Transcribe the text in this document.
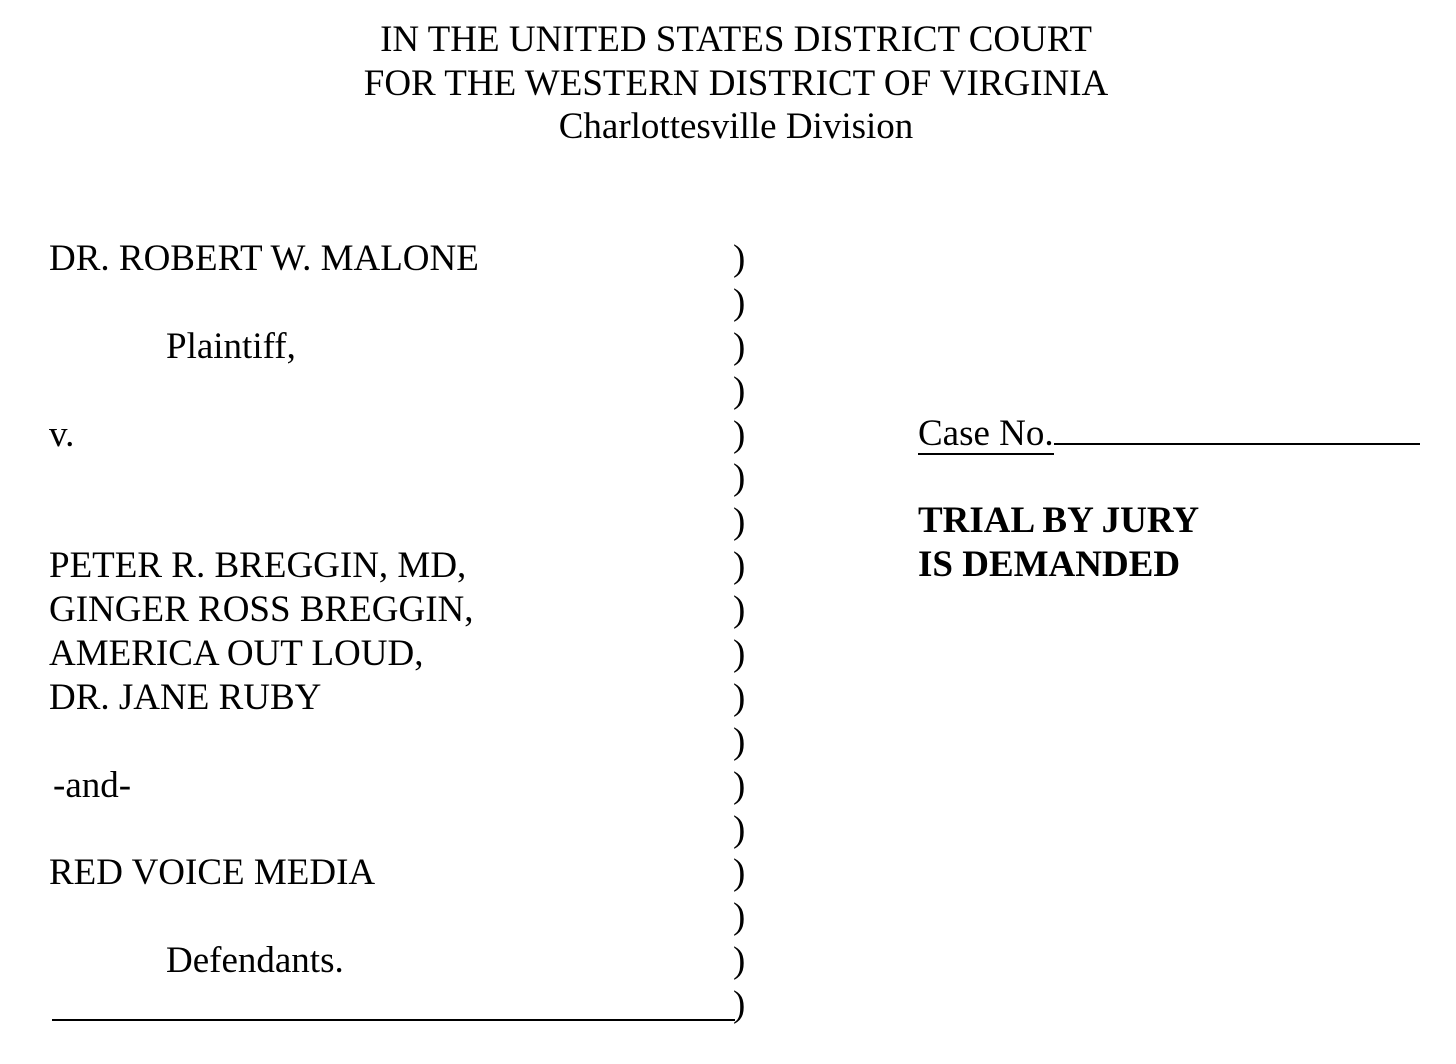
IN THE UNITED STATES DISTRICT COURT
FOR THE WESTERN DISTRICT OF VIRGINIA
Charlottesville Division
DR. ROBERT W. MALONE
Plaintiff,
v.
PETER R. BREGGIN, MD,
GINGER ROSS BREGGIN,
AMERICA OUT LOUD,
DR. JANE RUBY
-and-
RED VOICE MEDIA
Defendants.
)
)
)
)
)
)
)
)
)
)
)
)
)
)
)
)
)
)
Case No.
TRIAL BY JURY
IS DEMANDED
